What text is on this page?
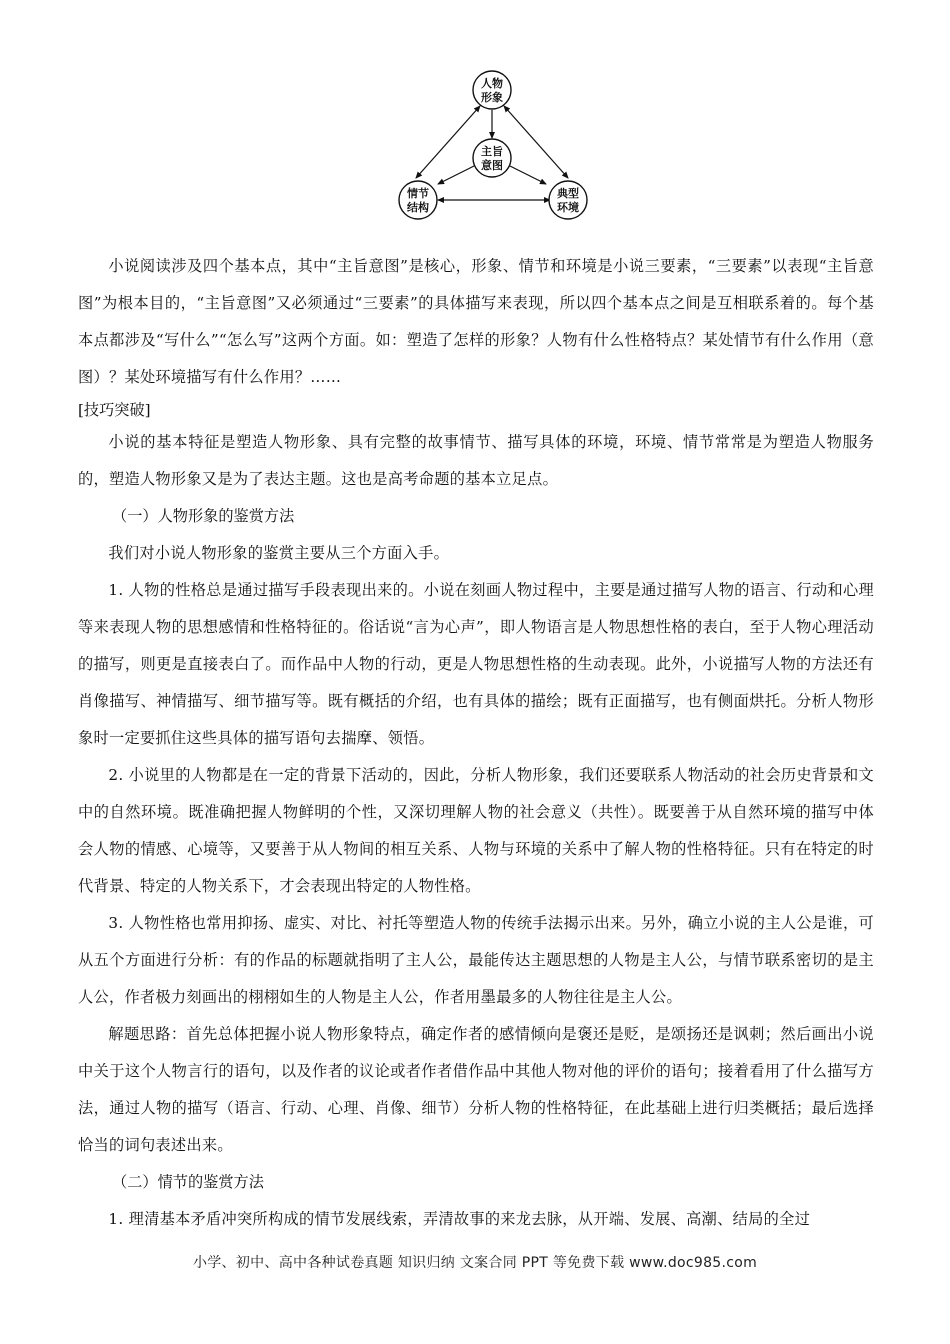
人物
形象
主旨
意图
情节
结构
典型
环境

小说阅读涉及四个基本点，其中“主旨意图”是核心，形象、情节和环境是小说三要素，“三要素”以表现“主旨意图”为根本目的，“主旨意图”又必须通过“三要素”的具体描写来表现，所以四个基本点之间是互相联系着的。每个基本点都涉及“写什么”“怎么写”这两个方面。如：塑造了怎样的形象？人物有什么性格特点？某处情节有什么作用（意图）？某处环境描写有什么作用？……

[技巧突破]

小说的基本特征是塑造人物形象、具有完整的故事情节、描写具体的环境，环境、情节常常是为塑造人物服务的，塑造人物形象又是为了表达主题。这也是高考命题的基本立足点。

（一）人物形象的鉴赏方法

我们对小说人物形象的鉴赏主要从三个方面入手。

1. 人物的性格总是通过描写手段表现出来的。小说在刻画人物过程中，主要是通过描写人物的语言、行动和心理等来表现人物的思想感情和性格特征的。俗话说“言为心声”，即人物语言是人物思想性格的表白，至于人物心理活动的描写，则更是直接表白了。而作品中人物的行动，更是人物思想性格的生动表现。此外，小说描写人物的方法还有肖像描写、神情描写、细节描写等。既有概括的介绍，也有具体的描绘；既有正面描写，也有侧面烘托。分析人物形象时一定要抓住这些具体的描写语句去揣摩、领悟。

2. 小说里的人物都是在一定的背景下活动的，因此，分析人物形象，我们还要联系人物活动的社会历史背景和文中的自然环境。既准确把握人物鲜明的个性，又深切理解人物的社会意义（共性）。既要善于从自然环境的描写中体会人物的情感、心境等，又要善于从人物间的相互关系、人物与环境的关系中了解人物的性格特征。只有在特定的时代背景、特定的人物关系下，才会表现出特定的人物性格。

3. 人物性格也常用抑扬、虚实、对比、衬托等塑造人物的传统手法揭示出来。另外，确立小说的主人公是谁，可从五个方面进行分析：有的作品的标题就指明了主人公，最能传达主题思想的人物是主人公，与情节联系密切的是主人公，作者极力刻画出的栩栩如生的人物是主人公，作者用墨最多的人物往往是主人公。

解题思路：首先总体把握小说人物形象特点，确定作者的感情倾向是褒还是贬，是颂扬还是讽刺；然后画出小说中关于这个人物言行的语句，以及作者的议论或者作者借作品中其他人物对他的评价的语句；接着看用了什么描写方法，通过人物的描写（语言、行动、心理、肖像、细节）分析人物的性格特征，在此基础上进行归类概括；最后选择恰当的词句表述出来。

（二）情节的鉴赏方法

1. 理清基本矛盾冲突所构成的情节发展线索，弄清故事的来龙去脉，从开端、发展、高潮、结局的全过

小学、初中、高中各种试卷真题 知识归纳 文案合同 PPT 等免费下载 www.doc985.com
